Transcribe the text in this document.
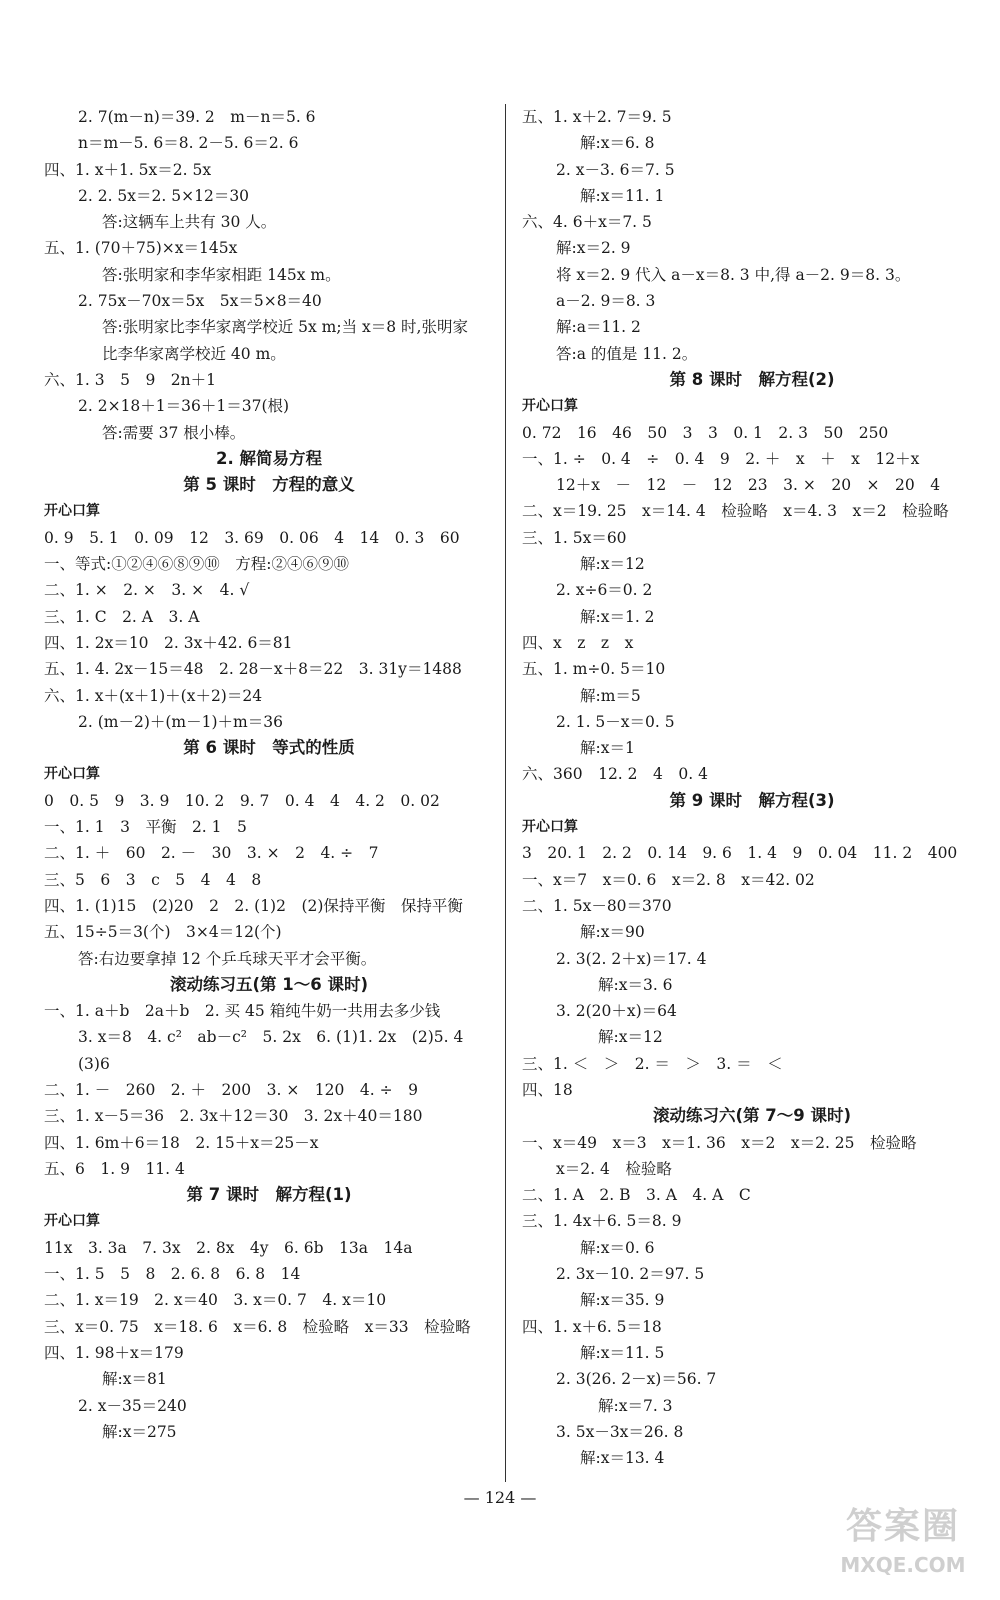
2. 7(m－n)＝39. 2　m－n＝5. 6
n＝m－5. 6＝8. 2－5. 6＝2. 6
四、1. x＋1. 5x＝2. 5x
2. 2. 5x＝2. 5×12＝30
答:这辆车上共有 30 人。
五、1. (70＋75)×x＝145x
答:张明家和李华家相距 145x m。
2. 75x－70x＝5x　5x＝5×8＝40
答:张明家比李华家离学校近 5x m;当 x＝8 时,张明家
比李华家离学校近 40 m。
六、1. 3　5　9　2n＋1
2. 2×18＋1＝36＋1＝37(根)
答:需要 37 根小棒。
2. 解简易方程
第 5 课时　方程的意义
开心口算
0. 9　5. 1　0. 09　12　3. 69　0. 06　4　14　0. 3　60
一、等式:①②④⑥⑧⑨⑩　方程:②④⑥⑨⑩
二、1. ×　2. ×　3. ×　4. √
三、1. C　2. A　3. A
四、1. 2x＝10　2. 3x＋42. 6＝81
五、1. 4. 2x－15＝48　2. 28－x＋8＝22　3. 31y＝1488
六、1. x＋(x＋1)＋(x＋2)＝24
2. (m－2)＋(m－1)＋m＝36
第 6 课时　等式的性质
开心口算
0　0. 5　9　3. 9　10. 2　9. 7　0. 4　4　4. 2　0. 02
一、1. 1　3　平衡　2. 1　5
二、1. ＋　60　2. －　30　3. ×　2　4. ÷　7
三、5　6　3　c　5　4　4　8
四、1. (1)15　(2)20　2　2. (1)2　(2)保持平衡　保持平衡
五、15÷5＝3(个)　3×4＝12(个)
答:右边要拿掉 12 个乒乓球天平才会平衡。
滚动练习五(第 1～6 课时)
一、1. a＋b　2a＋b　2. 买 45 箱纯牛奶一共用去多少钱
3. x＝8　4. c²　ab－c²　5. 2x　6. (1)1. 2x　(2)5. 4
(3)6
二、1. －　260　2. ＋　200　3. ×　120　4. ÷　9
三、1. x－5＝36　2. 3x＋12＝30　3. 2x＋40＝180
四、1. 6m＋6＝18　2. 15＋x＝25－x
五、6　1. 9　11. 4
第 7 课时　解方程(1)
开心口算
11x　3. 3a　7. 3x　2. 8x　4y　6. 6b　13a　14a
一、1. 5　5　8　2. 6. 8　6. 8　14
二、1. x＝19　2. x＝40　3. x＝0. 7　4. x＝10
三、x＝0. 75　x＝18. 6　x＝6. 8　检验略　x＝33　检验略
四、1. 98＋x＝179
解:x＝81
2. x－35＝240
解:x＝275
五、1. x＋2. 7＝9. 5
解:x＝6. 8
2. x－3. 6＝7. 5
解:x＝11. 1
六、4. 6＋x＝7. 5
解:x＝2. 9
将 x＝2. 9 代入 a－x＝8. 3 中,得 a－2. 9＝8. 3。
a－2. 9＝8. 3
解:a＝11. 2
答:a 的值是 11. 2。
第 8 课时　解方程(2)
开心口算
0. 72　16　46　50　3　3　0. 1　2. 3　50　250
一、1. ÷　0. 4　÷　0. 4　9　2. ＋　x　＋　x　12＋x
12＋x　－　12　－　12　23　3. ×　20　×　20　4
二、x＝19. 25　x＝14. 4　检验略　x＝4. 3　x＝2　检验略
三、1. 5x＝60
解:x＝12
2. x÷6＝0. 2
解:x＝1. 2
四、x　z　z　x
五、1. m÷0. 5＝10
解:m＝5
2. 1. 5－x＝0. 5
解:x＝1
六、360　12. 2　4　0. 4
第 9 课时　解方程(3)
开心口算
3　20. 1　2. 2　0. 14　9. 6　1. 4　9　0. 04　11. 2　400
一、x＝7　x＝0. 6　x＝2. 8　x＝42. 02
二、1. 5x－80＝370
解:x＝90
2. 3(2. 2＋x)＝17. 4
解:x＝3. 6
3. 2(20＋x)＝64
解:x＝12
三、1. ＜　＞　2. ＝　＞　3. ＝　＜
四、18
滚动练习六(第 7～9 课时)
一、x＝49　x＝3　x＝1. 36　x＝2　x＝2. 25　检验略
x＝2. 4　检验略
二、1. A　2. B　3. A　4. A　C
三、1. 4x＋6. 5＝8. 9
解:x＝0. 6
2. 3x－10. 2＝97. 5
解:x＝35. 9
四、1. x＋6. 5＝18
解:x＝11. 5
2. 3(26. 2－x)＝56. 7
解:x＝7. 3
3. 5x－3x＝26. 8
解:x＝13. 4
— 124 —
答案圈
MXQE.COM
